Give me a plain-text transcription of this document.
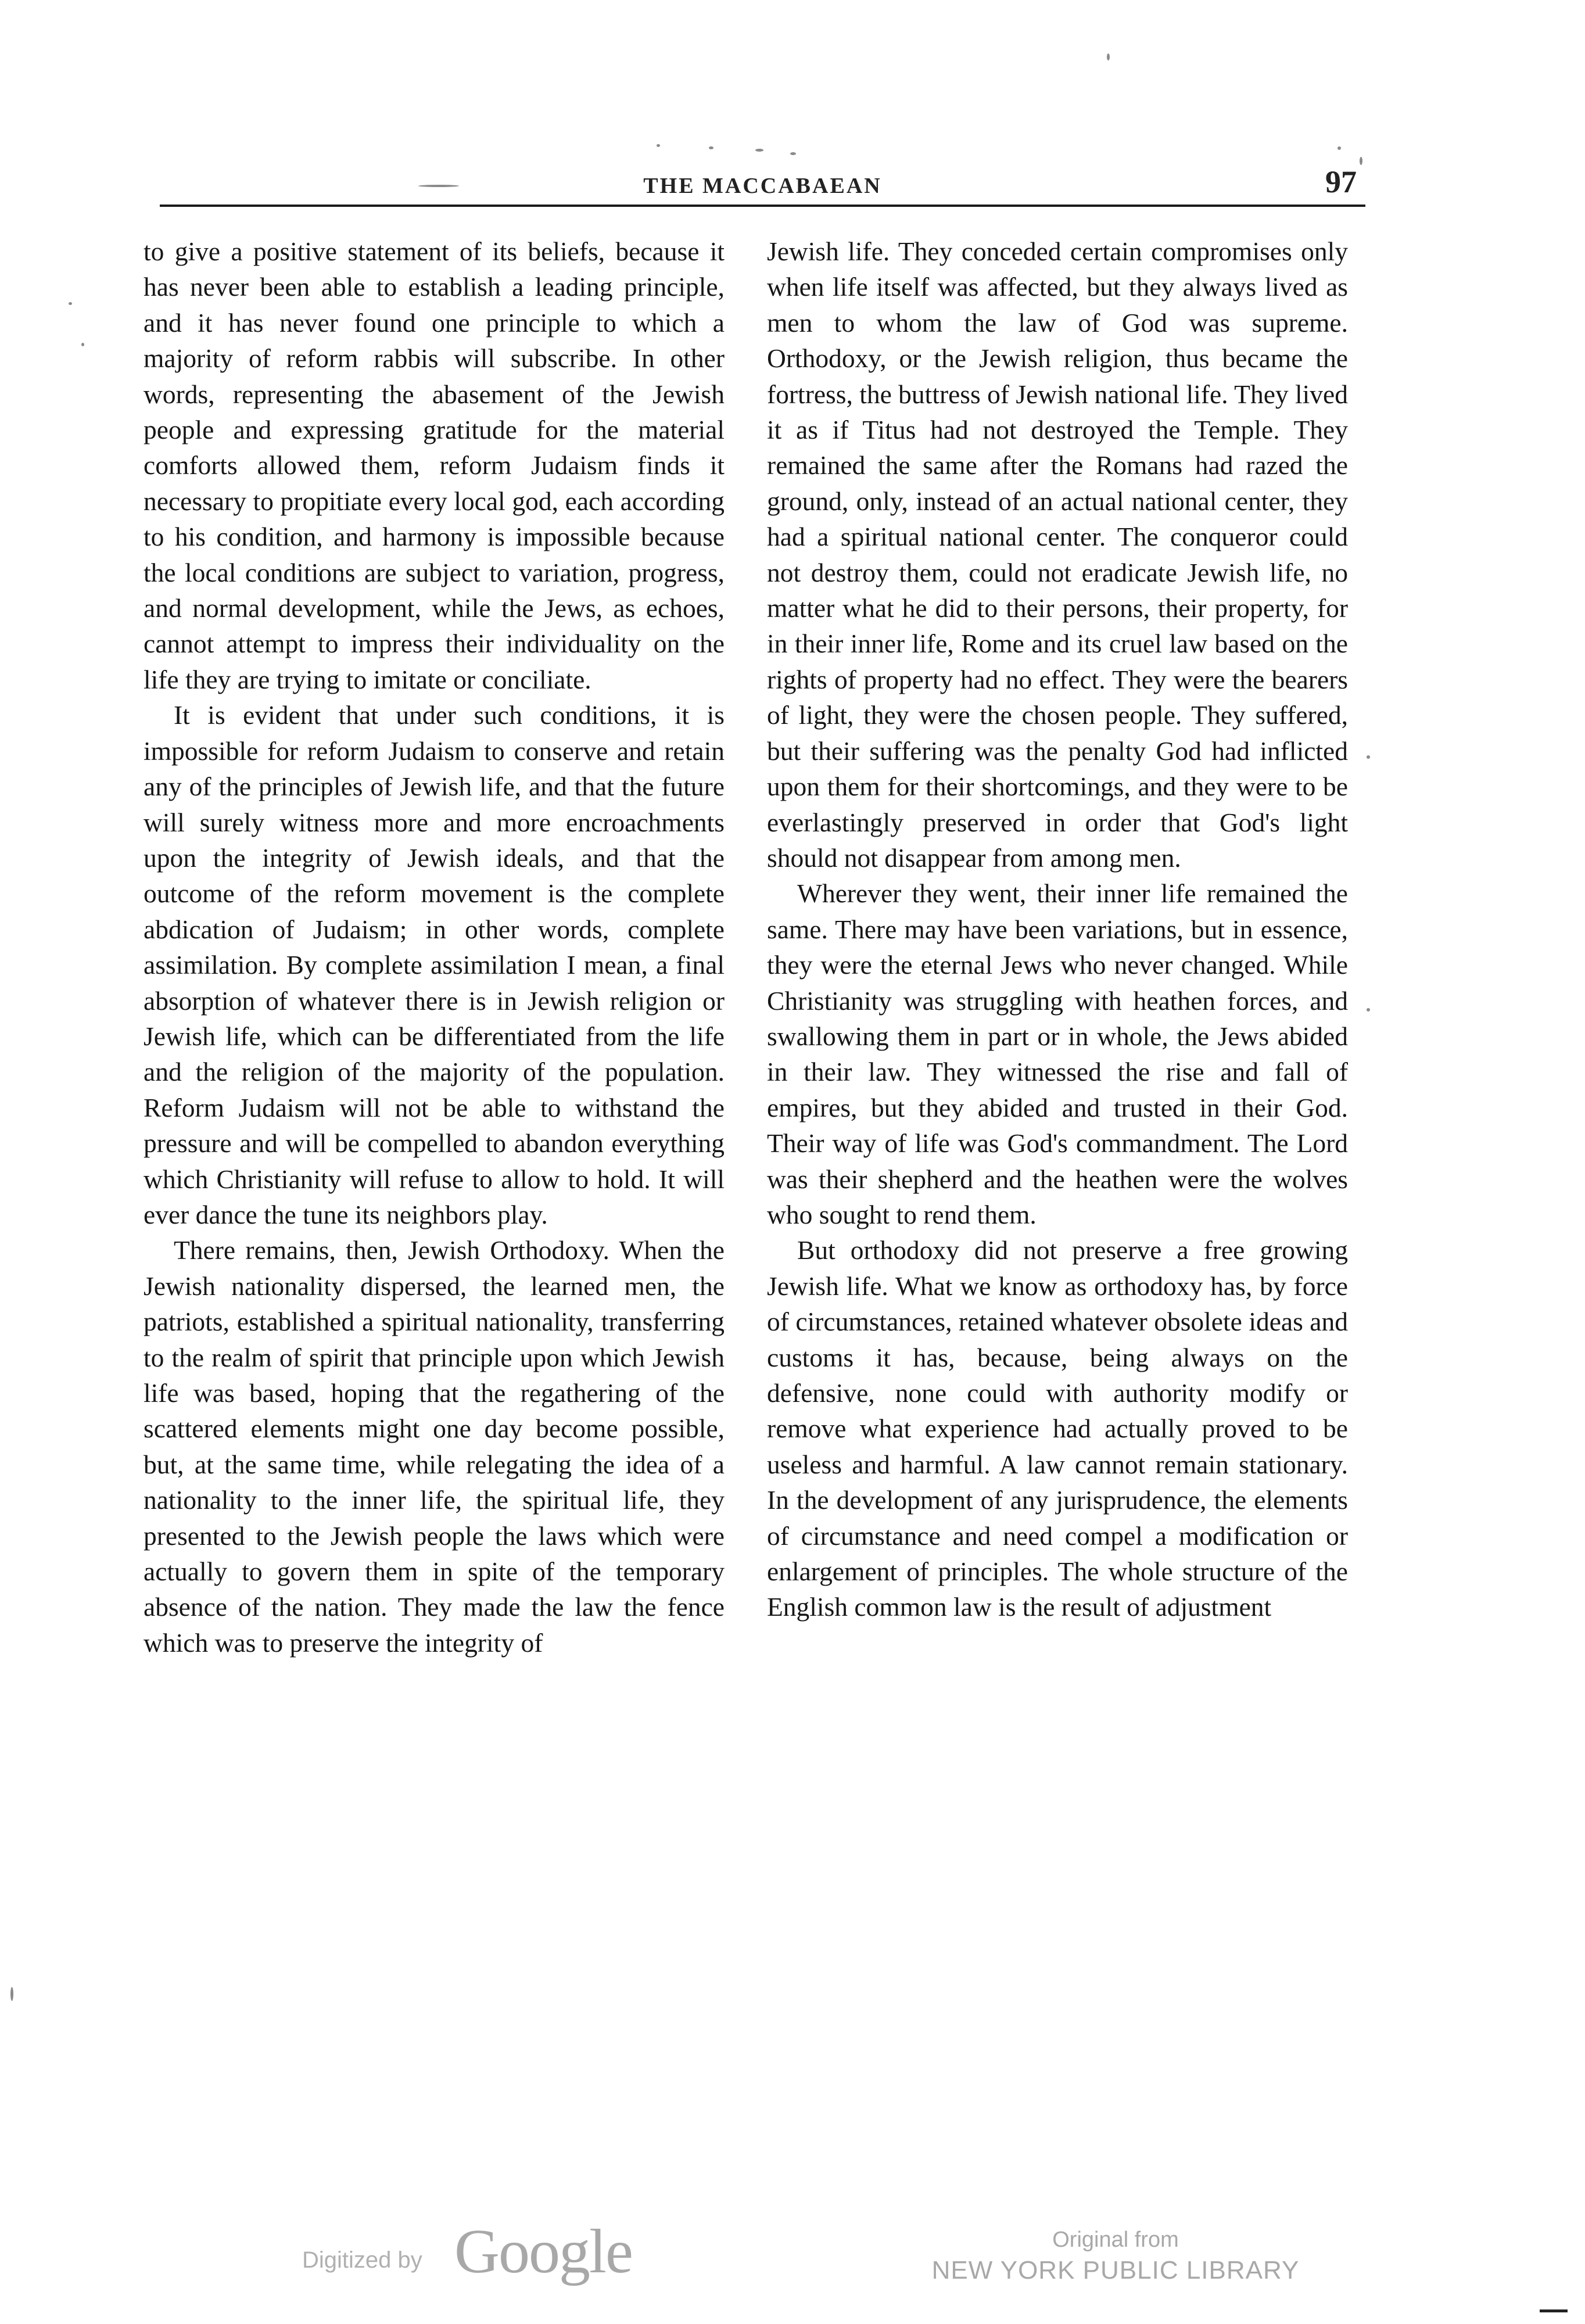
THE MACCABAEAN	97

to give a positive statement of its beliefs, because it has never been able to establish a leading principle, and it has never found one principle to which a majority of reform rabbis will subscribe. In other words, representing the abasement of the Jewish people and expressing gratitude for the material comforts allowed them, reform Judaism finds it necessary to propitiate every local god, each according to his condition, and harmony is impossible because the local conditions are subject to variation, progress, and normal development, while the Jews, as echoes, cannot attempt to impress their individuality on the life they are trying to imitate or conciliate.

It is evident that under such conditions, it is impossible for reform Judaism to conserve and retain any of the principles of Jewish life, and that the future will surely witness more and more encroachments upon the integrity of Jewish ideals, and that the outcome of the reform movement is the complete abdication of Judaism; in other words, complete assimilation. By complete assimilation I mean, a final absorption of whatever there is in Jewish religion or Jewish life, which can be differentiated from the life and the religion of the majority of the population. Reform Judaism will not be able to withstand the pressure and will be compelled to abandon everything which Christianity will refuse to allow to hold. It will ever dance the tune its neighbors play.

There remains, then, Jewish Orthodoxy. When the Jewish nationality dispersed, the learned men, the patriots, established a spiritual nationality, transferring to the realm of spirit that principle upon which Jewish life was based, hoping that the regathering of the scattered elements might one day become possible, but, at the same time, while relegating the idea of a nationality to the inner life, the spiritual life, they presented to the Jewish people the laws which were actually to govern them in spite of the temporary absence of the nation. They made the law the fence which was to preserve the integrity of

Jewish life. They conceded certain compromises only when life itself was affected, but they always lived as men to whom the law of God was supreme. Orthodoxy, or the Jewish religion, thus became the fortress, the buttress of Jewish national life. They lived it as if Titus had not destroyed the Temple. They remained the same after the Romans had razed the ground, only, instead of an actual national center, they had a spiritual national center. The conqueror could not destroy them, could not eradicate Jewish life, no matter what he did to their persons, their property, for in their inner life, Rome and its cruel law based on the rights of property had no effect. They were the bearers of light, they were the chosen people. They suffered, but their suffering was the penalty God had inflicted upon them for their shortcomings, and they were to be everlastingly preserved in order that God's light should not disappear from among men.

Wherever they went, their inner life remained the same. There may have been variations, but in essence, they were the eternal Jews who never changed. While Christianity was struggling with heathen forces, and swallowing them in part or in whole, the Jews abided in their law. They witnessed the rise and fall of empires, but they abided and trusted in their God. Their way of life was God's commandment. The Lord was their shepherd and the heathen were the wolves who sought to rend them.

But orthodoxy did not preserve a free growing Jewish life. What we know as orthodoxy has, by force of circumstances, retained whatever obsolete ideas and customs it has, because, being always on the defensive, none could with authority modify or remove what experience had actually proved to be useless and harmful. A law cannot remain stationary. In the development of any jurisprudence, the elements of circumstance and need compel a modification or enlargement of principles. The whole structure of the English common law is the result of adjustment

Digitized by Google	Original from
NEW YORK PUBLIC LIBRARY
